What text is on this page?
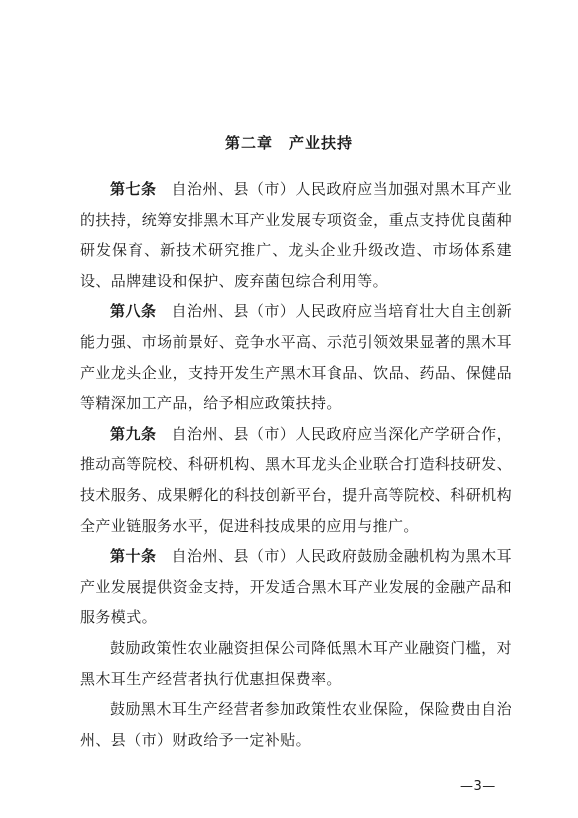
第二章 产业扶持

第七条 自治州、县（市）人民政府应当加强对黑木耳产业的扶持，统筹安排黑木耳产业发展专项资金，重点支持优良菌种研发保育、新技术研究推广、龙头企业升级改造、市场体系建设、品牌建设和保护、废弃菌包综合利用等。

第八条 自治州、县（市）人民政府应当培育壮大自主创新能力强、市场前景好、竞争水平高、示范引领效果显著的黑木耳产业龙头企业，支持开发生产黑木耳食品、饮品、药品、保健品等精深加工产品，给予相应政策扶持。

第九条 自治州、县（市）人民政府应当深化产学研合作，推动高等院校、科研机构、黑木耳龙头企业联合打造科技研发、技术服务、成果孵化的科技创新平台，提升高等院校、科研机构全产业链服务水平，促进科技成果的应用与推广。

第十条 自治州、县（市）人民政府鼓励金融机构为黑木耳产业发展提供资金支持，开发适合黑木耳产业发展的金融产品和服务模式。

鼓励政策性农业融资担保公司降低黑木耳产业融资门槛，对黑木耳生产经营者执行优惠担保费率。

鼓励黑木耳生产经营者参加政策性农业保险，保险费由自治州、县（市）财政给予一定补贴。

—3—
